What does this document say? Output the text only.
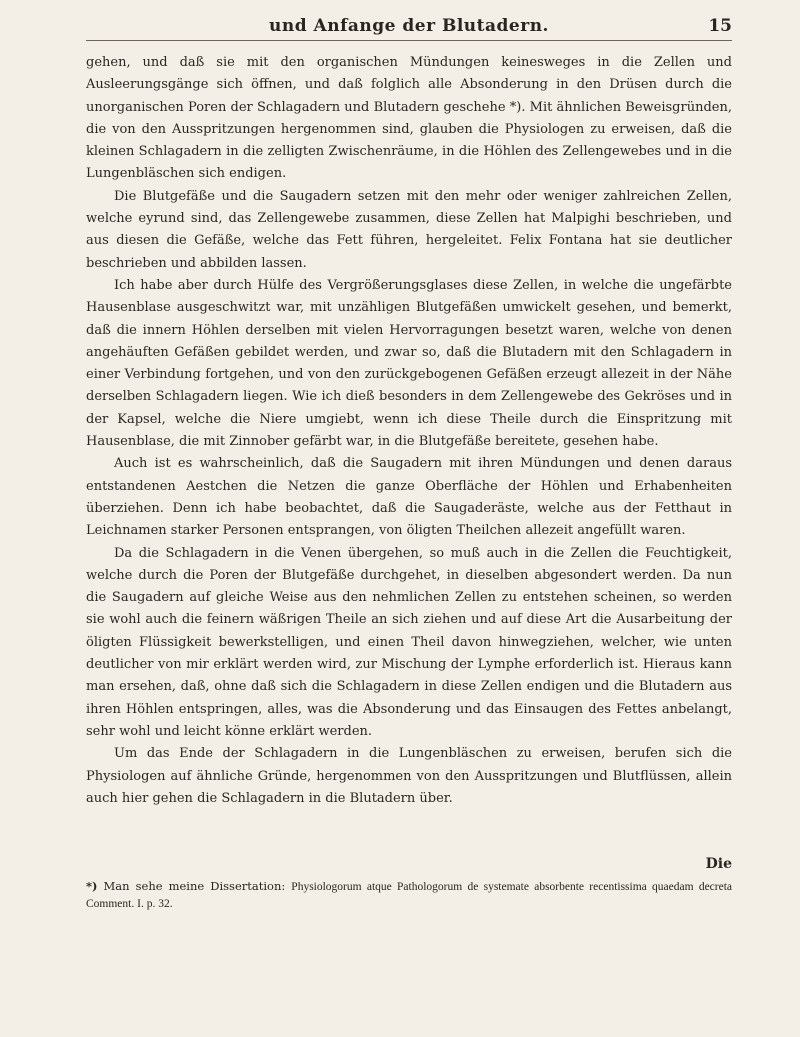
und Anfange der Blutadern.	15

gehen, und daß sie mit den organischen Mündungen keinesweges in die Zellen und Ausleerungsgänge sich öffnen, und daß folglich alle Absonderung in den Drüsen durch die unorganischen Poren der Schlagadern und Blutadern geschehe *). Mit ähnlichen Beweisgründen, die von den Ausspritzungen hergenommen sind, glauben die Physiologen zu erweisen, daß die kleinen Schlagadern in die zelligten Zwischenräume, in die Höhlen des Zellengewebes und in die Lungenbläschen sich endigen.

Die Blutgefäße und die Saugadern setzen mit den mehr oder weniger zahlreichen Zellen, welche eyrund sind, das Zellengewebe zusammen, diese Zellen hat Malpighi beschrieben, und aus diesen die Gefäße, welche das Fett führen, hergeleitet. Felix Fontana hat sie deutlicher beschrieben und abbilden lassen.

Ich habe aber durch Hülfe des Vergrößerungsglases diese Zellen, in welche die ungefärbte Hausenblase ausgeschwitzt war, mit unzähligen Blutgefäßen umwickelt gesehen, und bemerkt, daß die innern Höhlen derselben mit vielen Hervorragungen besetzt waren, welche von denen angehäuften Gefäßen gebildet werden, und zwar so, daß die Blutadern mit den Schlagadern in einer Verbindung fortgehen, und von den zurückgebogenen Gefäßen erzeugt allezeit in der Nähe derselben Schlagadern liegen. Wie ich dieß besonders in dem Zellengewebe des Gekröses und in der Kapsel, welche die Niere umgiebt, wenn ich diese Theile durch die Einspritzung mit Hausenblase, die mit Zinnober gefärbt war, in die Blutgefäße bereitete, gesehen habe.

Auch ist es wahrscheinlich, daß die Saugadern mit ihren Mündungen und denen daraus entstandenen Aestchen die Netzen die ganze Oberfläche der Höhlen und Erhabenheiten überziehen. Denn ich habe beobachtet, daß die Saugaderäste, welche aus der Fetthaut in Leichnamen starker Personen entsprangen, von öligten Theilchen allezeit angefüllt waren.

Da die Schlagadern in die Venen übergehen, so muß auch in die Zellen die Feuchtigkeit, welche durch die Poren der Blutgefäße durchgehet, in dieselben abgesondert werden. Da nun die Saugadern auf gleiche Weise aus den nehmlichen Zellen zu entstehen scheinen, so werden sie wohl auch die feinern wäßrigen Theile an sich ziehen und auf diese Art die Ausarbeitung der öligten Flüssigkeit bewerkstelligen, und einen Theil davon hinwegziehen, welcher, wie unten deutlicher von mir erklärt werden wird, zur Mischung der Lymphe erforderlich ist. Hieraus kann man ersehen, daß, ohne daß sich die Schlagadern in diese Zellen endigen und die Blutadern aus ihren Höhlen entspringen, alles, was die Absonderung und das Einsaugen des Fettes anbelangt, sehr wohl und leicht könne erklärt werden.

Um das Ende der Schlagadern in die Lungenbläschen zu erweisen, berufen sich die Physiologen auf ähnliche Gründe, hergenommen von den Ausspritzungen und Blutflüssen, allein auch hier gehen die Schlagadern in die Blutadern über.

Die
*) Man sehe meine Dissertation: Physiologorum atque Pathologorum de systemate absorbente recentissima quaedam decreta Comment. I. p. 32.
